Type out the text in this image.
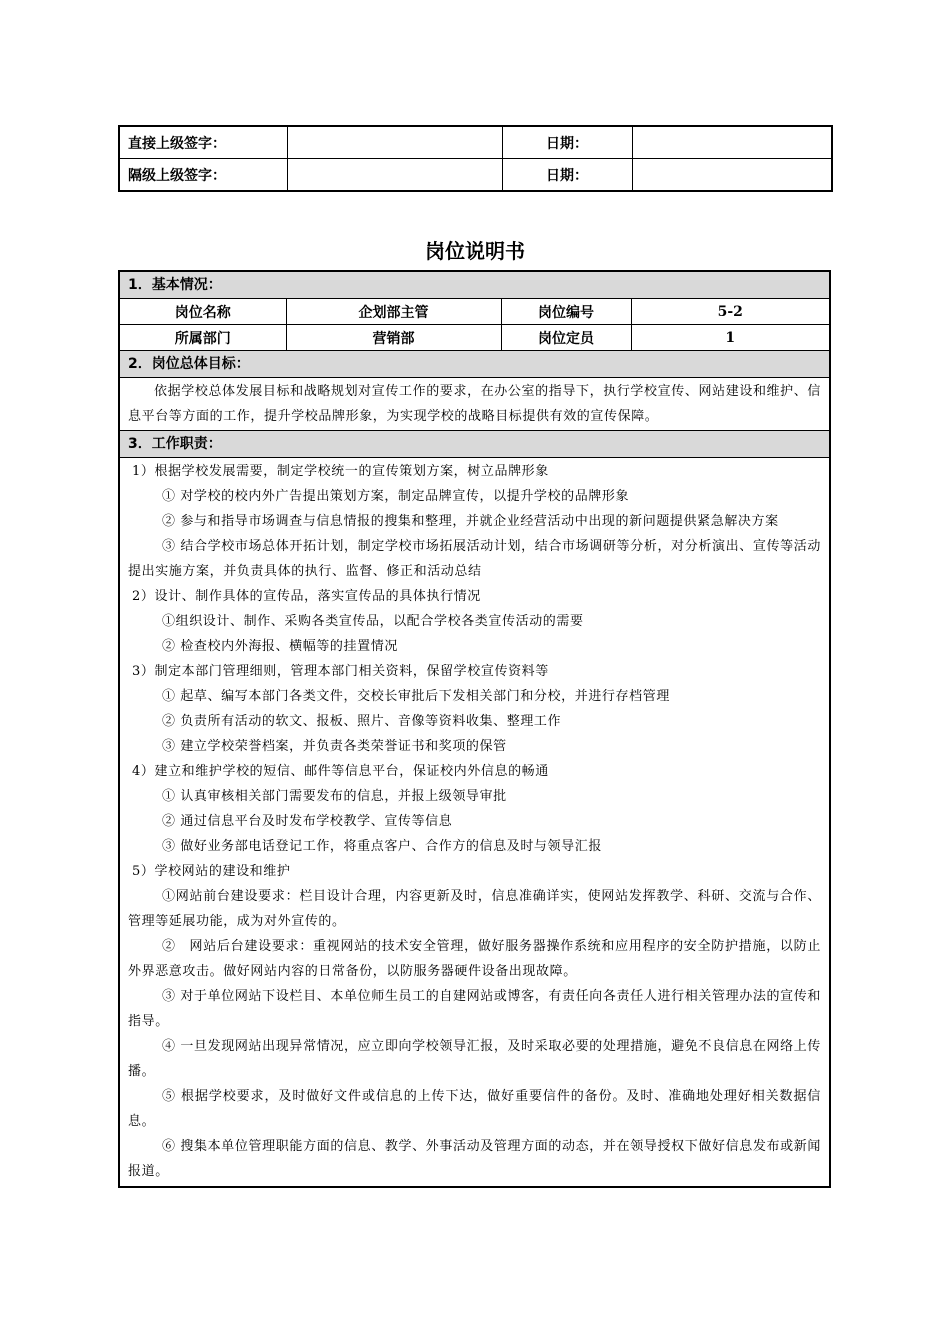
直接上级签字：		日期：	
隔级上级签字：		日期：	
岗位说明书
1．基本情况：
岗位名称	企划部主管	岗位编号	5-2
所属部门	营销部	岗位定员	1
2．岗位总体目标：
依据学校总体发展目标和战略规划对宣传工作的要求，在办公室的指导下，执行学校宣传、网站建设和维护、信息平台等方面的工作，提升学校品牌形象，为实现学校的战略目标提供有效的宣传保障。
3．工作职责：
1）根据学校发展需要，制定学校统一的宣传策划方案，树立品牌形象
① 对学校的校内外广告提出策划方案，制定品牌宣传，以提升学校的品牌形象
② 参与和指导市场调查与信息情报的搜集和整理，并就企业经营活动中出现的新问题提供紧急解决方案
③ 结合学校市场总体开拓计划，制定学校市场拓展活动计划，结合市场调研等分析，对分析演出、宣传等活动提出实施方案，并负责具体的执行、监督、修正和活动总结
2）设计、制作具体的宣传品，落实宣传品的具体执行情况
①组织设计、制作、采购各类宣传品，以配合学校各类宣传活动的需要
② 检查校内外海报、横幅等的挂置情况
3）制定本部门管理细则，管理本部门相关资料，保留学校宣传资料等
① 起草、编写本部门各类文件，交校长审批后下发相关部门和分校，并进行存档管理
② 负责所有活动的软文、报板、照片、音像等资料收集、整理工作
③ 建立学校荣誉档案，并负责各类荣誉证书和奖项的保管
4）建立和维护学校的短信、邮件等信息平台，保证校内外信息的畅通
① 认真审核相关部门需要发布的信息，并报上级领导审批
② 通过信息平台及时发布学校教学、宣传等信息
③ 做好业务部电话登记工作，将重点客户、合作方的信息及时与领导汇报
5）学校网站的建设和维护
①网站前台建设要求：栏目设计合理，内容更新及时，信息准确详实，使网站发挥教学、科研、交流与合作、管理等延展功能，成为对外宣传的。
②　网站后台建设要求：重视网站的技术安全管理，做好服务器操作系统和应用程序的安全防护措施，以防止外界恶意攻击。做好网站内容的日常备份，以防服务器硬件设备出现故障。
③ 对于单位网站下设栏目、本单位师生员工的自建网站或博客，有责任向各责任人进行相关管理办法的宣传和指导。
④ 一旦发现网站出现异常情况，应立即向学校领导汇报，及时采取必要的处理措施，避免不良信息在网络上传播。
⑤ 根据学校要求，及时做好文件或信息的上传下达，做好重要信件的备份。及时、准确地处理好相关数据信息。
⑥ 搜集本单位管理职能方面的信息、教学、外事活动及管理方面的动态，并在领导授权下做好信息发布或新闻报道。
